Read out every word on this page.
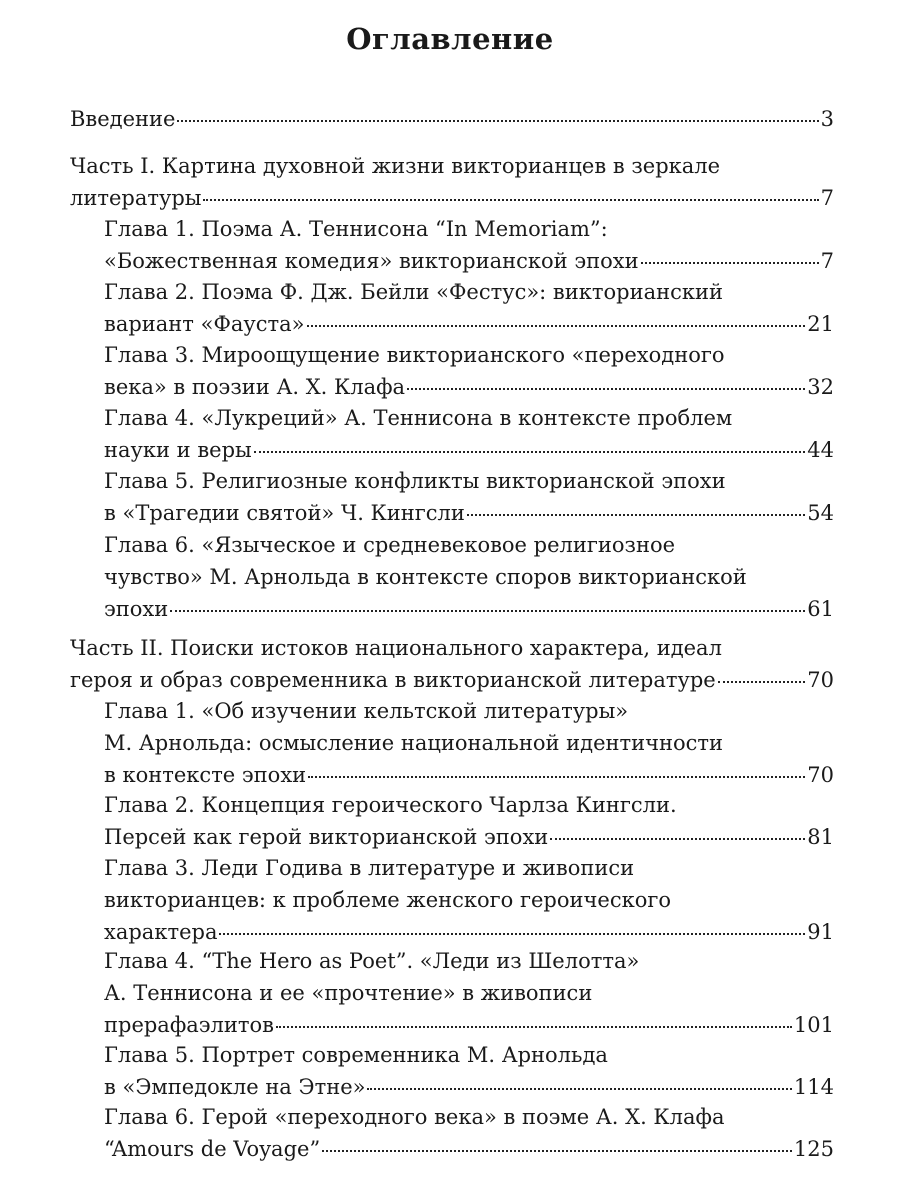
Оглавление
Введение	3
Часть I. Картина духовной жизни викторианцев в зеркале
литературы	7
Глава 1. Поэма А. Теннисона “In Memoriam”:
«Божественная комедия» викторианской эпохи	7
Глава 2. Поэма Ф. Дж. Бейли «Фестус»: викторианский
вариант «Фауста»	21
Глава 3. Мироощущение викторианского «переходного
века» в поэзии А. Х. Клафа	32
Глава 4. «Лукреций» А. Теннисона в контексте проблем
науки и веры	44
Глава 5. Религиозные конфликты викторианской эпохи
в «Трагедии святой» Ч. Кингсли	54
Глава 6. «Языческое и средневековое религиозное
чувство» М. Арнольда в контексте споров викторианской
эпохи	61
Часть II. Поиски истоков национального характера, идеал
героя и образ современника в викторианской литературе	70
Глава 1. «Об изучении кельтской литературы»
М. Арнольда: осмысление национальной идентичности
в контексте эпохи	70
Глава 2. Концепция героического Чарлза Кингсли.
Персей как герой викторианской эпохи	81
Глава 3. Леди Годива в литературе и живописи
викторианцев: к проблеме женского героического
характера	91
Глава 4. “The Hero as Poet”. «Леди из Шелотта»
А. Теннисона и ее «прочтение» в живописи
прерафаэлитов	101
Глава 5. Портрет современника М. Арнольда
в «Эмпедокле на Этне»	114
Глава 6. Герой «переходного века» в поэме А. Х. Клафа
“Amours de Voyage”	125
